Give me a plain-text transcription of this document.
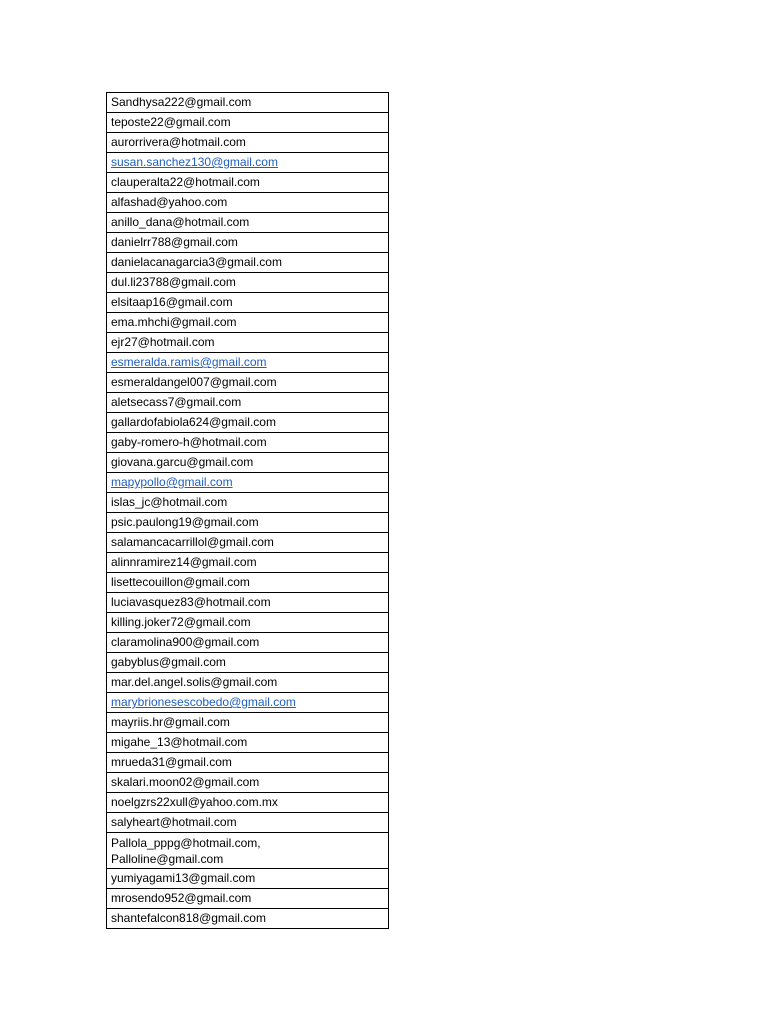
Sandhysa222@gmail.com

teposte22@gmail.com

aurorrivera@hotmail.com

susan.sanchez130@gmail.com

clauperalta22@hotmail.com

alfashad@yahoo.com

anillo_dana@hotmail.com

danielrr788@gmail.com

danielacanagarcia3@gmail.com

dul.li23788@gmail.com

elsitaap16@gmail.com

ema.mhchi@gmail.com

ejr27@hotmail.com

esmeralda.ramis@gmail.com

esmeraldangel007@gmail.com

aletsecass7@gmail.com

gallardofabiola624@gmail.com

gaby-romero-h@hotmail.com

giovana.garcu@gmail.com

mapypollo@gmail.com

islas_jc@hotmail.com

psic.paulong19@gmail.com

salamancacarrillol@gmail.com

alinnramirez14@gmail.com

lisettecouillon@gmail.com

luciavasquez83@hotmail.com

killing.joker72@gmail.com

claramolina900@gmail.com

gabyblus@gmail.com

mar.del.angel.solis@gmail.com

marybrionesescobedo@gmail.com

mayriis.hr@gmail.com

migahe_13@hotmail.com

mrueda31@gmail.com

skalari.moon02@gmail.com

noelgzrs22xull@yahoo.com.mx

salyheart@hotmail.com

Pallola_pppg@hotmail.com,
Palloline@gmail.com

yumiyagami13@gmail.com

mrosendo952@gmail.com

shantefalcon818@gmail.com
